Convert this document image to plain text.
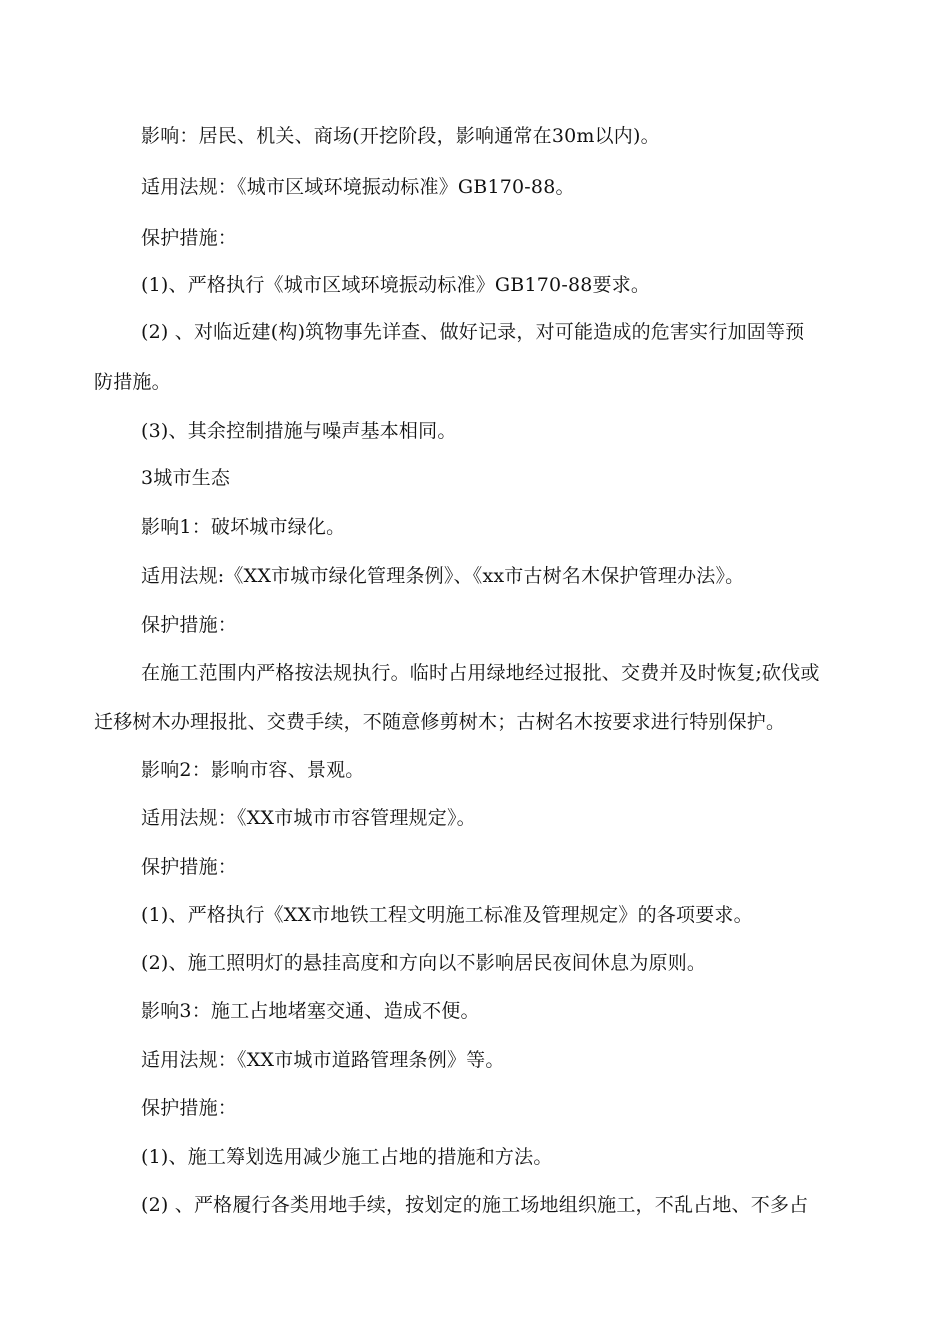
影响：居民、机关、商场(开挖阶段，影响通常在30m以内)。
适用法规：《城市区域环境振动标准》GB170-88。
保护措施：
(1)、严格执行《城市区域环境振动标准》GB170-88要求。
(2) 、对临近建(构)筑物事先详查、做好记录，对可能造成的危害实行加固等预
防措施。
(3)、其余控制措施与噪声基本相同。
3城市生态
影响1：破坏城市绿化。
适用法规:《XX市城市绿化管理条例》、《xx市古树名木保护管理办法》。
保护措施：
在施工范围内严格按法规执行。临时占用绿地经过报批、交费并及时恢复;砍伐或
迁移树木办理报批、交费手续，不随意修剪树木；古树名木按要求进行特别保护。
影响2：影响市容、景观。
适用法规：《XX市城市市容管理规定》。
保护措施：
(1)、严格执行《XX市地铁工程文明施工标准及管理规定》的各项要求。
(2)、施工照明灯的悬挂高度和方向以不影响居民夜间休息为原则。
影响3：施工占地堵塞交通、造成不便。
适用法规：《XX市城市道路管理条例》等。
保护措施：
(1)、施工筹划选用减少施工占地的措施和方法。
(2) 、严格履行各类用地手续，按划定的施工场地组织施工，不乱占地、不多占
